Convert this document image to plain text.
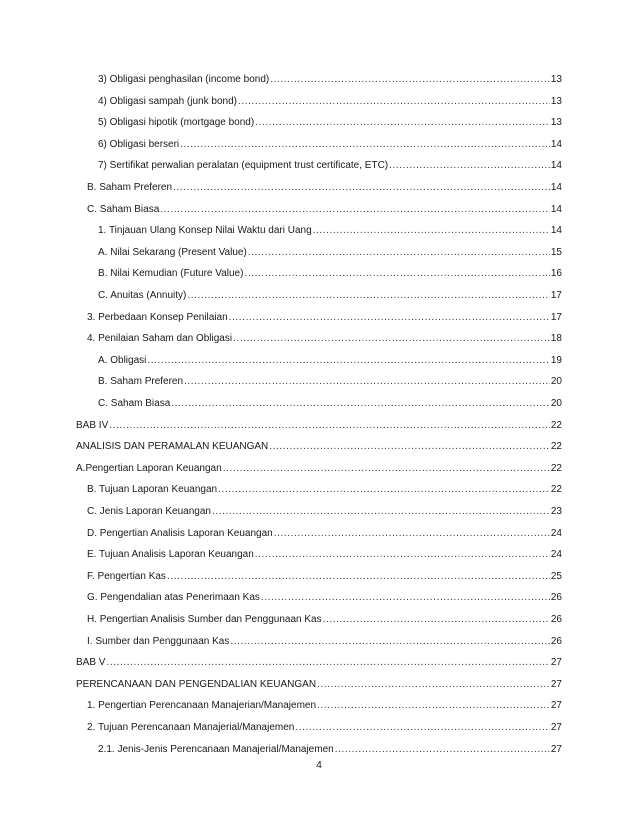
3) Obligasi penghasilan (income bond) .....	13
4) Obligasi sampah (junk bond) .....	13
5) Obligasi hipotik (mortgage bond) .....	13
6) Obligasi berseri .....	14
7) Sertifikat perwalian peralatan (equipment trust certificate, ETC) .....	14
B. Saham Preferen .....	14
C. Saham Biasa .....	14
1. Tinjauan Ulang Konsep Nilai Waktu dari Uang .....	14
A. Nilai Sekarang (Present Value) .....	15
B. Nilai Kemudian (Future Value) .....	16
C. Anuitas (Annuity) .....	17
3. Perbedaan Konsep Penilaian .....	17
4. Penilaian Saham dan Obligasi .....	18
A. Obligasi .....	19
B. Saham Preferen .....	20
C. Saham Biasa .....	20
BAB IV .....	22
ANALISIS DAN PERAMALAN KEUANGAN .....	22
A.Pengertian Laporan Keuangan .....	22
B. Tujuan Laporan Keuangan .....	22
C. Jenis Laporan Keuangan .....	23
D. Pengertian Analisis Laporan Keuangan .....	24
E. Tujuan Analisis Laporan Keuangan .....	24
F. Pengertian Kas .....	25
G. Pengendalian atas Penerimaan Kas .....	26
H. Pengertian Analisis Sumber dan Penggunaan Kas .....	26
I. Sumber dan Penggunaan Kas .....	26
BAB V .....	27
PERENCANAAN DAN PENGENDALIAN KEUANGAN .....	27
1. Pengertian Perencanaan Manajerian/Manajemen .....	27
2. Tujuan Perencanaan Manajerial/Manajemen .....	27
2.1. Jenis-Jenis Perencanaan Manajerial/Manajemen .....	27
4
